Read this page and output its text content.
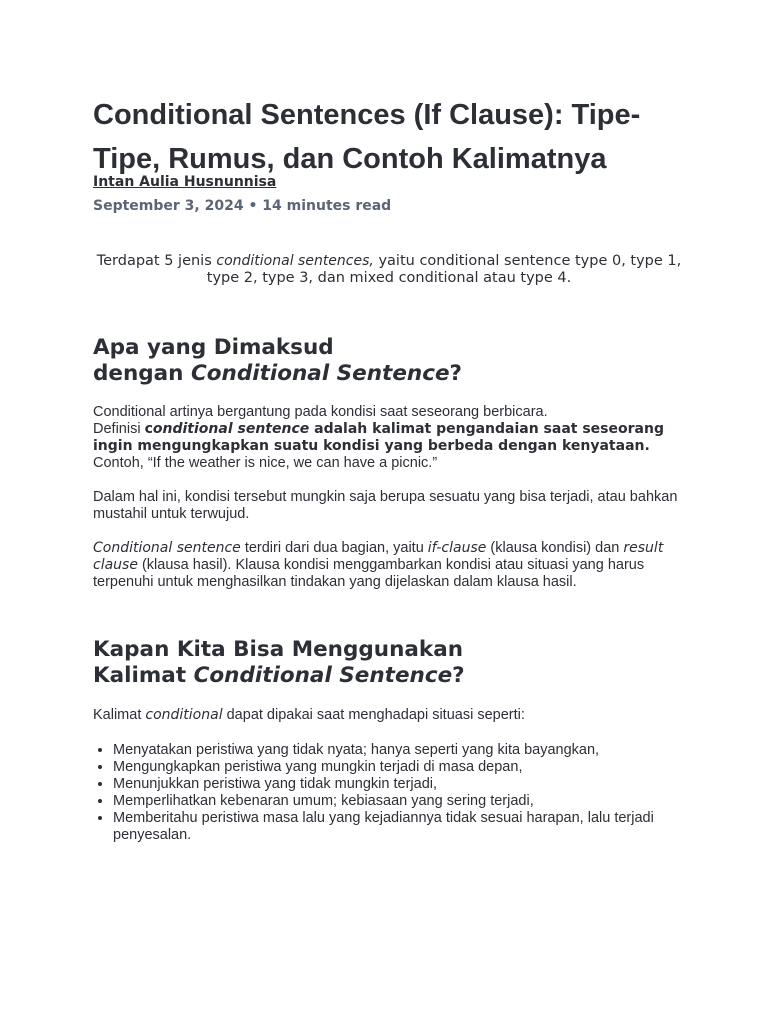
Conditional Sentences (If Clause): Tipe-Tipe, Rumus, dan Contoh Kalimatnya
Intan Aulia Husnunnisa
September 3, 2024 • 14 minutes read

Terdapat 5 jenis conditional sentences, yaitu conditional sentence type 0, type 1, type 2, type 3, dan mixed conditional atau type 4.

Apa yang Dimaksud
dengan Conditional Sentence?

Conditional artinya bergantung pada kondisi saat seseorang berbicara.
Definisi conditional sentence adalah kalimat pengandaian saat seseorang ingin mengungkapkan suatu kondisi yang berbeda dengan kenyataan. Contoh, “If the weather is nice, we can have a picnic.”

Dalam hal ini, kondisi tersebut mungkin saja berupa sesuatu yang bisa terjadi, atau bahkan mustahil untuk terwujud.

Conditional sentence terdiri dari dua bagian, yaitu if-clause (klausa kondisi) dan result clause (klausa hasil). Klausa kondisi menggambarkan kondisi atau situasi yang harus terpenuhi untuk menghasilkan tindakan yang dijelaskan dalam klausa hasil.

Kapan Kita Bisa Menggunakan
Kalimat Conditional Sentence?

Kalimat conditional dapat dipakai saat menghadapi situasi seperti:

• Menyatakan peristiwa yang tidak nyata; hanya seperti yang kita bayangkan,
• Mengungkapkan peristiwa yang mungkin terjadi di masa depan,
• Menunjukkan peristiwa yang tidak mungkin terjadi,
• Memperlihatkan kebenaran umum; kebiasaan yang sering terjadi,
• Memberitahu peristiwa masa lalu yang kejadiannya tidak sesuai harapan, lalu terjadi penyesalan.
